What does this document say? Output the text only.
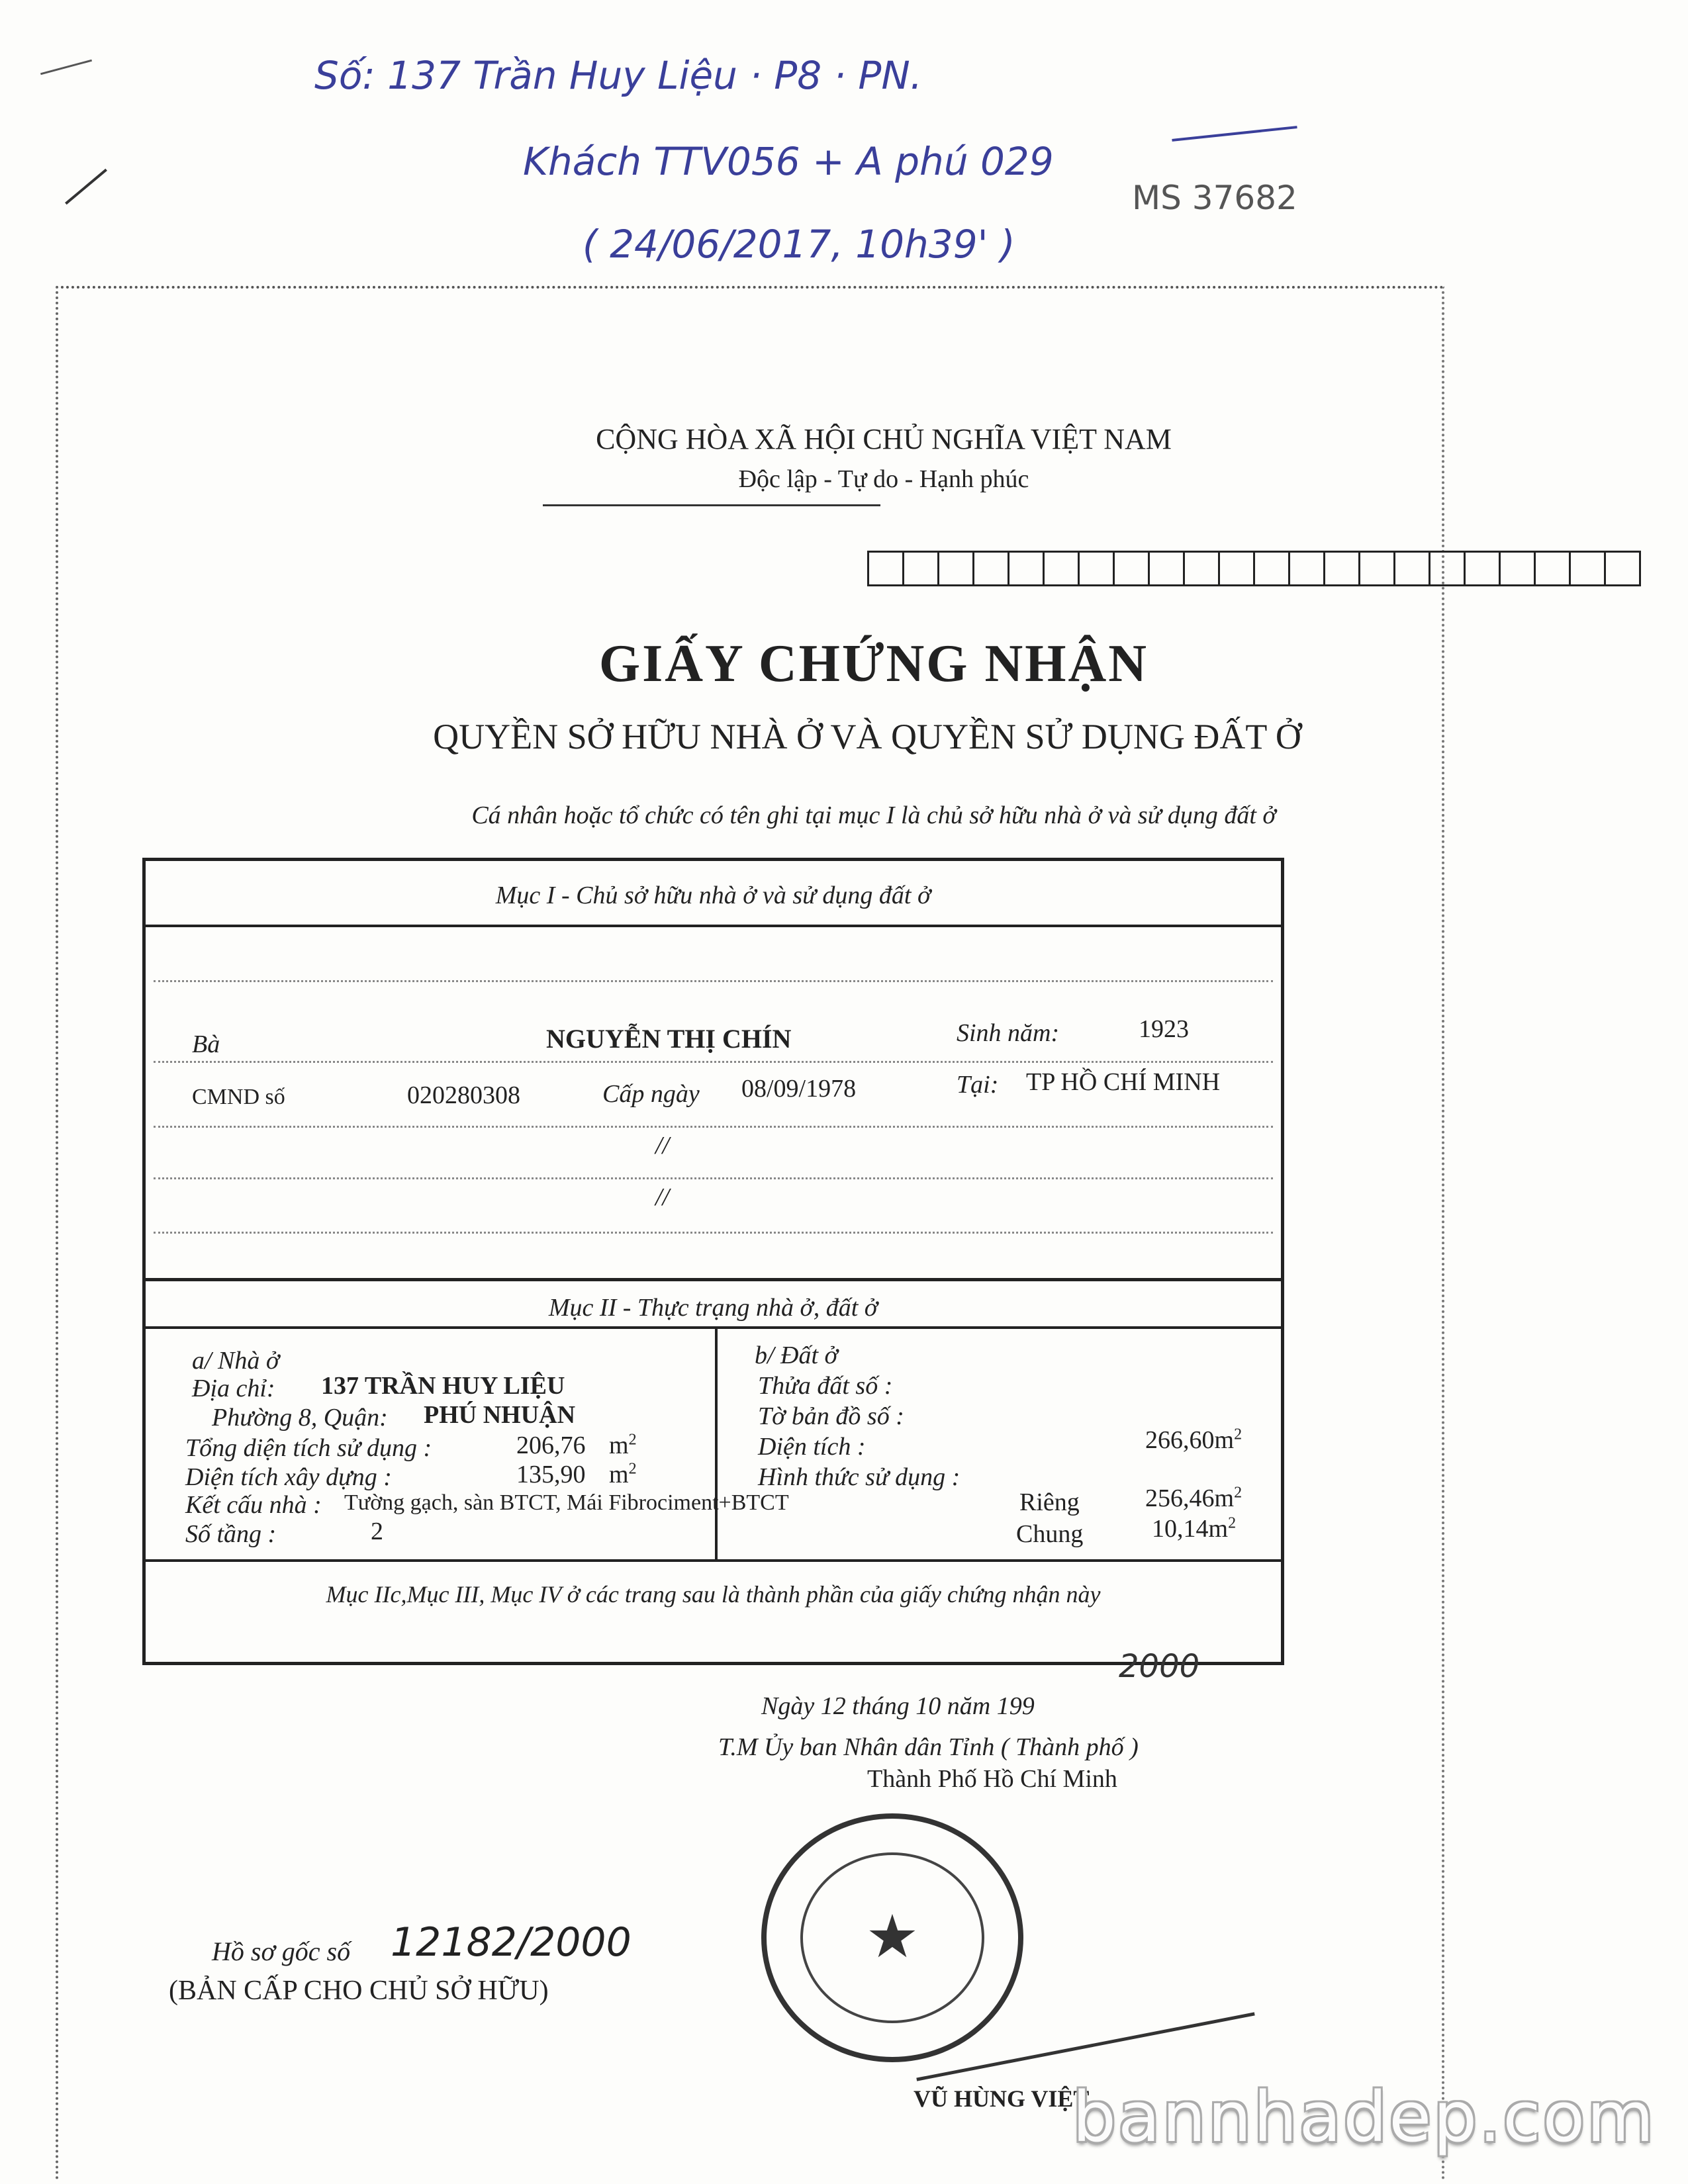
Số: 137 Trần Huy Liệu · P8 · PN.
Khách TTV056 + A phú 029
( 24/06/2017, 10h39' )
MS 37682
CỘNG HÒA XÃ HỘI CHỦ NGHĨA VIỆT NAM
Độc lập - Tự do - Hạnh phúc
GIẤY CHỨNG NHẬN
QUYỀN SỞ HỮU NHÀ Ở VÀ QUYỀN SỬ DỤNG ĐẤT Ở
Cá nhân hoặc tổ chức có tên ghi tại mục I là chủ sở hữu nhà ở và sử dụng đất ở
Mục I - Chủ sở hữu nhà ở và sử dụng đất ở
Bà	NGUYỄN THỊ CHÍN	Sinh năm:	1923
CMND số	020280308	Cấp ngày 08/09/1978	Tại: TP HỒ CHÍ MINH
//
//
Mục II - Thực trạng nhà ở, đất ở
a/ Nhà ở
Địa chỉ: 137 TRẦN HUY LIỆU
Phường 8, Quận: PHÚ NHUẬN
Tổng diện tích sử dụng :	206,76 $m^2$
Diện tích xây dựng :	135,90 $m^2$
Kết cấu nhà : Tường gạch, sàn BTCT, Mái Fibrociment+BTCT
Số tầng :	2
b/ Đất ở
Thửa đất số :
Tờ bản đồ số :
Diện tích :	$266,60m^2$
Hình thức sử dụng :
Riêng	$256,46m^2$
Chung	$10,14m^2$
Mục IIc,Mục III, Mục IV ở các trang sau là thành phần của giấy chứng nhận này
2000
Ngày 12 tháng 10 năm 199
T.M Ủy ban Nhân dân Tỉnh ( Thành phố )
Thành Phố Hồ Chí Minh
★
VŨ HÙNG VIỆT
Hồ sơ gốc số 12182/2000
(BẢN CẤP CHO CHỦ SỞ HỮU)
bannhadep.com
